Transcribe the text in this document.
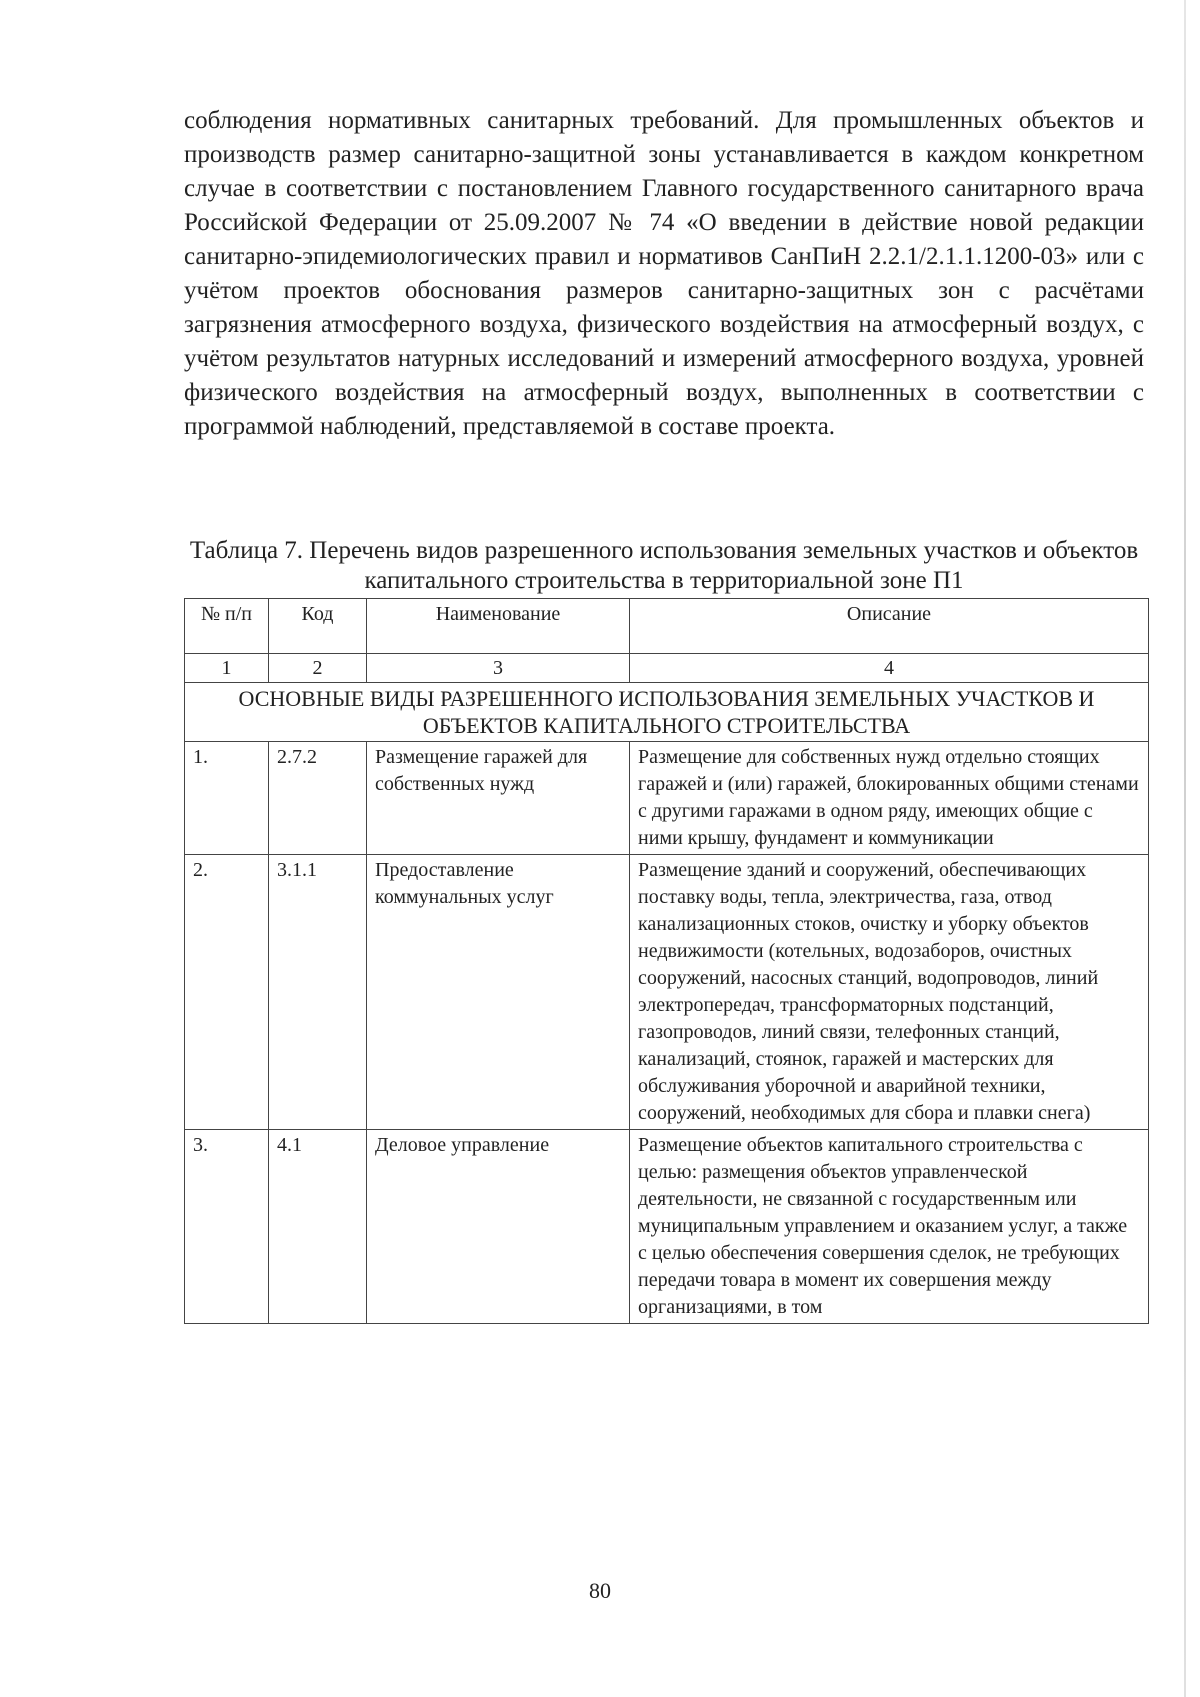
соблюдения нормативных санитарных требований. Для промышленных объектов и производств размер санитарно-защитной зоны устанавливается в каждом конкретном случае в соответствии с постановлением Главного государственного санитарного врача Российской Федерации от 25.09.2007 № 74 «О введении в действие новой редакции санитарно-эпидемиологических правил и нормативов СанПиН 2.2.1/2.1.1.1200-03» или с учётом проектов обоснования размеров санитарно-защитных зон с расчётами загрязнения атмосферного воздуха, физического воздействия на атмосферный воздух, с учётом результатов натурных исследований и измерений атмосферного воздуха, уровней физического воздействия на атмосферный воздух, выполненных в соответствии с программой наблюдений, представляемой в составе проекта.

Таблица 7. Перечень видов разрешенного использования земельных участков и объектов капитального строительства в территориальной зоне П1

№ п/п	Код	Наименование	Описание
1	2	3	4
ОСНОВНЫЕ ВИДЫ РАЗРЕШЕННОГО ИСПОЛЬЗОВАНИЯ ЗЕМЕЛЬНЫХ УЧАСТКОВ И ОБЪЕКТОВ КАПИТАЛЬНОГО СТРОИТЕЛЬСТВА			
1.	2.7.2	Размещение гаражей для собственных нужд	Размещение для собственных нужд отдельно стоящих гаражей и (или) гаражей, блокированных общими стенами с другими гаражами в одном ряду, имеющих общие с ними крышу, фундамент и коммуникации
2.	3.1.1	Предоставление коммунальных услуг	Размещение зданий и сооружений, обеспечивающих поставку воды, тепла, электричества, газа, отвод канализационных стоков, очистку и уборку объектов недвижимости (котельных, водозаборов, очистных сооружений, насосных станций, водопроводов, линий электропередач, трансформаторных подстанций, газопроводов, линий связи, телефонных станций, канализаций, стоянок, гаражей и мастерских для обслуживания уборочной и аварийной техники, сооружений, необходимых для сбора и плавки снега)
3.	4.1	Деловое управление	Размещение объектов капитального строительства с целью: размещения объектов управленческой деятельности, не связанной с государственным или муниципальным управлением и оказанием услуг, а также с целью обеспечения совершения сделок, не требующих передачи товара в момент их совершения между организациями, в том
80
